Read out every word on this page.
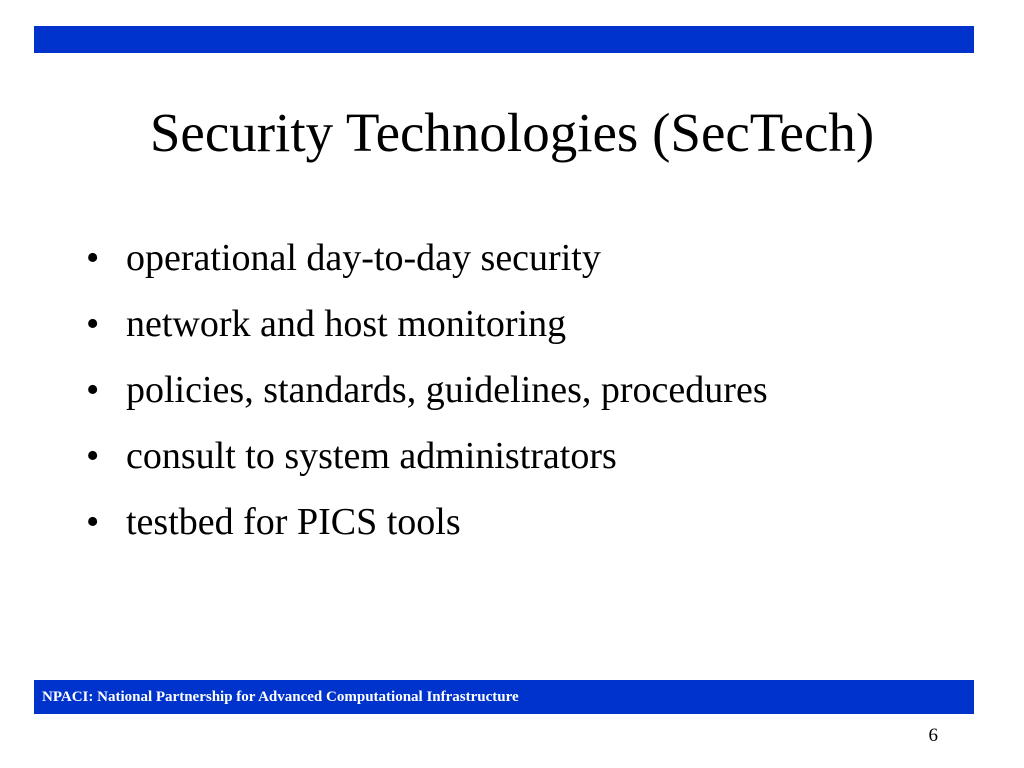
Security Technologies (SecTech)
• operational day-to-day security
• network and host monitoring
• policies, standards, guidelines, procedures
• consult to system administrators
• testbed for PICS tools
NPACI: National Partnership for Advanced Computational Infrastructure
6
